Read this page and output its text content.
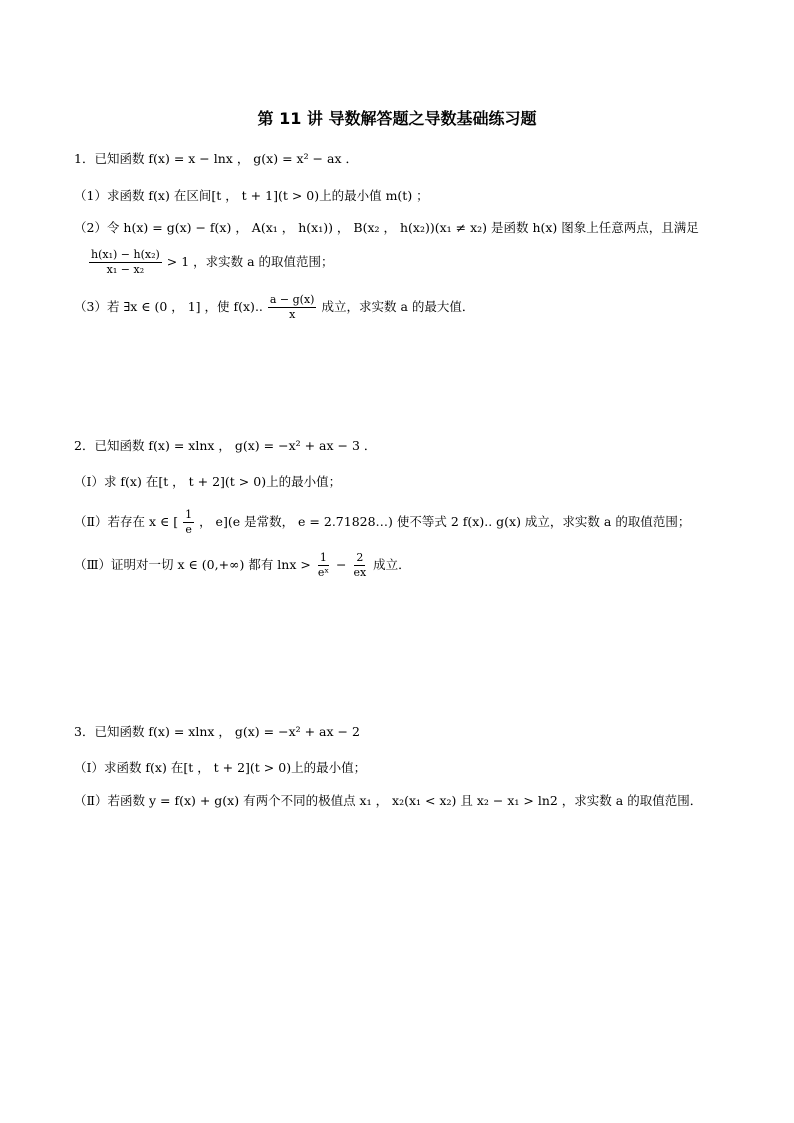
第 11 讲 导数解答题之导数基础练习题
1．已知函数 f(x) = x − lnx ， g(x) = x² − ax ．
（1）求函数 f(x) 在区间[t ， t + 1](t > 0)上的最小值 m(t) ；
（2）令 h(x) = g(x) − f(x) ， A(x₁ ， h(x₁)) ， B(x₂ ， h(x₂))(x₁ ≠ x₂) 是函数 h(x) 图象上任意两点，且满足
$\frac{\text{h(x₁) − h(x₂)}}{\text{x₁ − x₂}} > 1$ ，求实数 a 的取值范围；
（3）若 ∃x ∈ (0 ， 1] ，使 f(x).. $\frac{a - g(x)}{x}$ 成立，求实数 a 的最大值．
2．已知函数 f(x) = xlnx ， g(x) = −x² + ax − 3 ．
（Ⅰ）求 f(x) 在[t ， t + 2](t > 0)上的最小值；
（Ⅱ）若存在 x ∈ [ $\frac{1}{e}$ ， e](e 是常数， e = 2.71828…) 使不等式 2 f(x).. g(x) 成立，求实数 a 的取值范围；
（Ⅲ）证明对一切 x ∈ (0,+∞) 都有 $\ln x > \frac{1}{\text{eˣ}} - \frac{2}{ex}$ 成立．
3．已知函数 f(x) = xlnx ， g(x) = −x² + ax − 2
（Ⅰ）求函数 f(x) 在[t ， t + 2](t > 0)上的最小值；
（Ⅱ）若函数 y = f(x) + g(x) 有两个不同的极值点 x₁ ， x₂(x₁ < x₂) 且 x₂ − x₁ > ln2 ，求实数 a 的取值范围．
